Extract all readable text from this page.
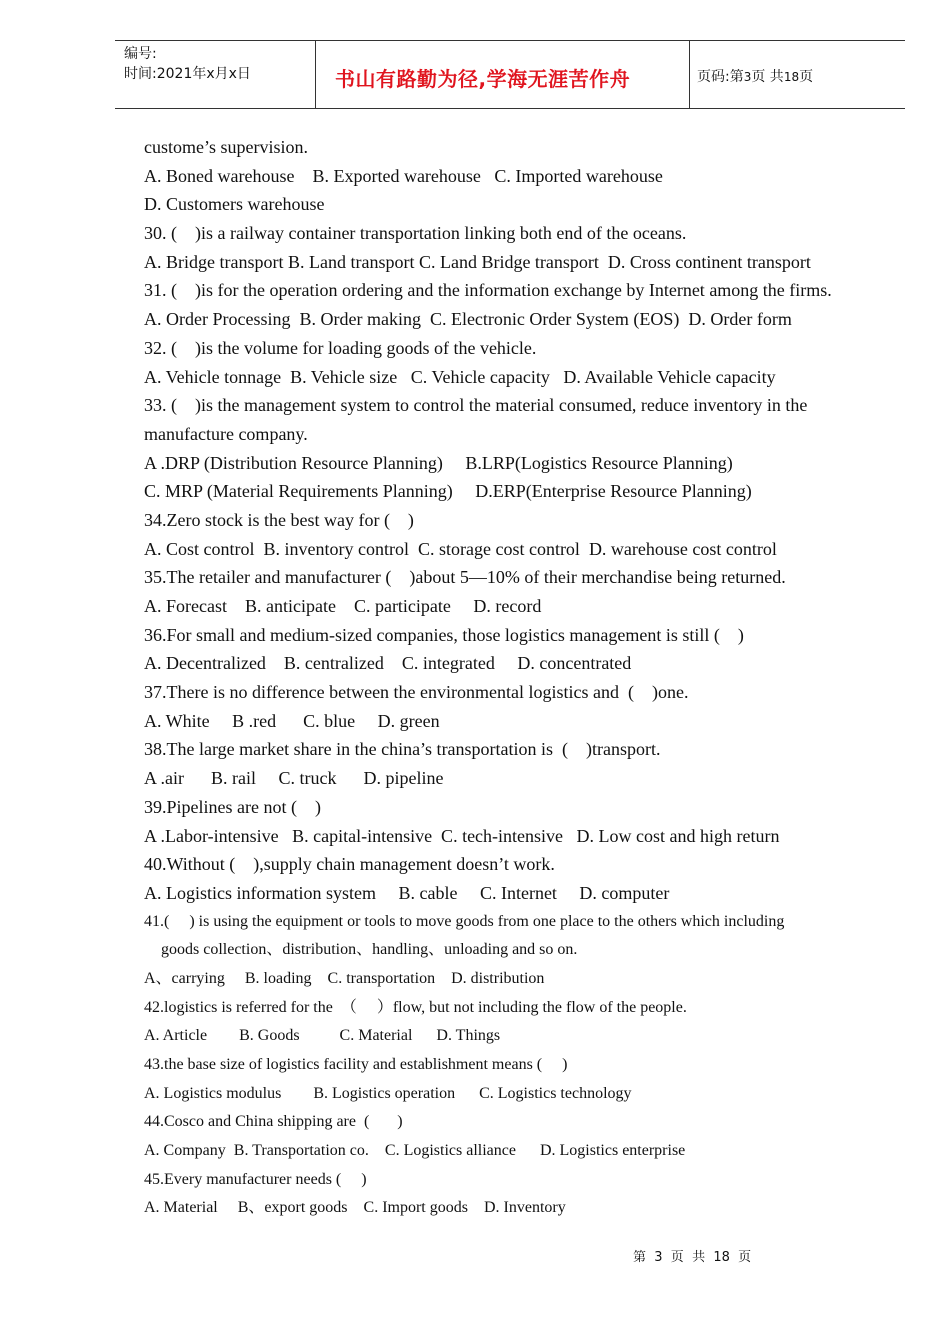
编号:
时间:2021年x月x日	书山有路勤为径,学海无涯苦作舟	页码:第3页 共18页
custome’s supervision.
A. Boned warehouse    B. Exported warehouse   C. Imported warehouse
D. Customers warehouse
30. (    )is a railway container transportation linking both end of the oceans.
A. Bridge transport B. Land transport C. Land Bridge transport  D. Cross continent transport
31. (    )is for the operation ordering and the information exchange by Internet among the firms.
A. Order Processing  B. Order making  C. Electronic Order System (EOS)  D. Order form
32. (    )is the volume for loading goods of the vehicle.
A. Vehicle tonnage  B. Vehicle size   C. Vehicle capacity   D. Available Vehicle capacity
33. (    )is the management system to control the material consumed, reduce inventory in the
manufacture company.
A .DRP (Distribution Resource Planning)     B.LRP(Logistics Resource Planning)
C. MRP (Material Requirements Planning)     D.ERP(Enterprise Resource Planning)
34.Zero stock is the best way for (    )
A. Cost control  B. inventory control  C. storage cost control  D. warehouse cost control
35.The retailer and manufacturer (    )about 5—10% of their merchandise being returned.
A. Forecast    B. anticipate    C. participate     D. record
36.For small and medium-sized companies, those logistics management is still (    )
A. Decentralized    B. centralized    C. integrated     D. concentrated
37.There is no difference between the environmental logistics and  (    )one.
A. White     B .red      C. blue     D. green
38.The large market share in the china’s transportation is  (    )transport.
A .air      B. rail     C. truck      D. pipeline
39.Pipelines are not (    )
A .Labor-intensive   B. capital-intensive  C. tech-intensive   D. Low cost and high return
40.Without (    ),supply chain management doesn’t work.
A. Logistics information system     B. cable     C. Internet     D. computer
41.(     ) is using the equipment or tools to move goods from one place to the others which including
goods collection、distribution、handling、unloading and so on.
A、carrying     B. loading    C. transportation    D. distribution
42.logistics is referred for the  （     ）flow, but not including the flow of the people.
A. Article        B. Goods          C. Material      D. Things
43.the base size of logistics facility and establishment means (     )
A. Logistics modulus        B. Logistics operation      C. Logistics technology
44.Cosco and China shipping are  (       )
A. Company  B. Transportation co.    C. Logistics alliance      D. Logistics enterprise
45.Every manufacturer needs (     )
A. Material     B、export goods    C. Import goods    D. Inventory
第  3  页  共  18  页
